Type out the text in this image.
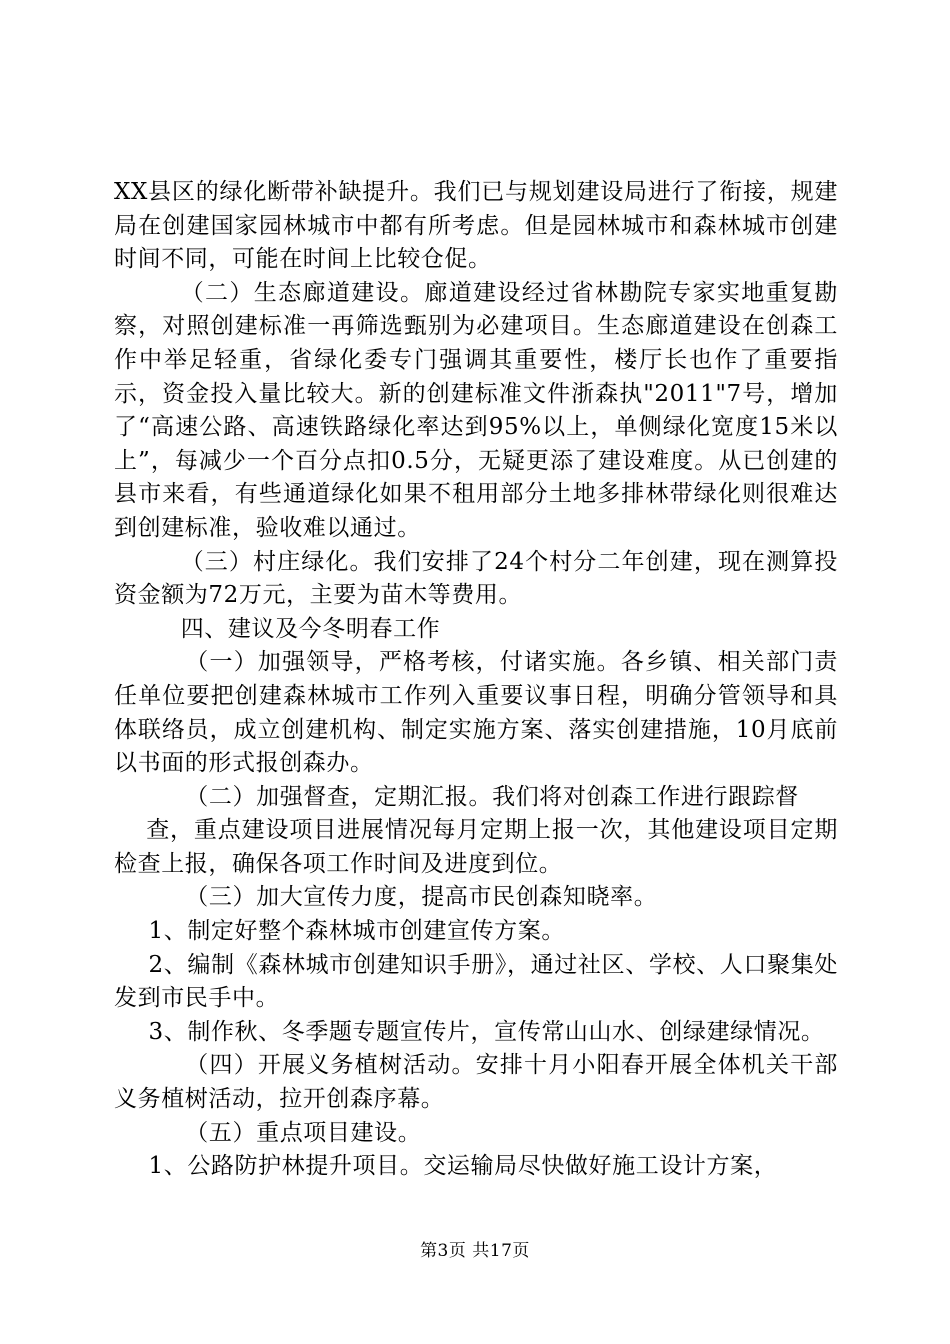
XX县区的绿化断带补缺提升。我们已与规划建设局进行了衔接，规建局在创建国家园林城市中都有所考虑。但是园林城市和森林城市创建时间不同，可能在时间上比较仓促。

（二）生态廊道建设。廊道建设经过省林勘院专家实地重复勘察，对照创建标准一再筛选甄别为必建项目。生态廊道建设在创森工作中举足轻重，省绿化委专门强调其重要性，楼厅长也作了重要指示，资金投入量比较大。新的创建标准文件浙森执"2011"7号，增加了“高速公路、高速铁路绿化率达到95%以上，单侧绿化宽度15米以上”，每减少一个百分点扣0.5分，无疑更添了建设难度。从已创建的县市来看，有些通道绿化如果不租用部分土地多排林带绿化则很难达到创建标准，验收难以通过。

（三）村庄绿化。我们安排了24个村分二年创建，现在测算投资金额为72万元，主要为苗木等费用。

四、建议及今冬明春工作

（一）加强领导，严格考核，付诸实施。各乡镇、相关部门责任单位要把创建森林城市工作列入重要议事日程，明确分管领导和具体联络员，成立创建机构、制定实施方案、落实创建措施，10月底前以书面的形式报创森办。

（二）加强督查，定期汇报。我们将对创森工作进行跟踪督

查，重点建设项目进展情况每月定期上报一次，其他建设项目定期检查上报，确保各项工作时间及进度到位。

（三）加大宣传力度，提高市民创森知晓率。

1、制定好整个森林城市创建宣传方案。

2、编制《森林城市创建知识手册》，通过社区、学校、人口聚集处发到市民手中。

3、制作秋、冬季题专题宣传片，宣传常山山水、创绿建绿情况。

（四）开展义务植树活动。安排十月小阳春开展全体机关干部义务植树活动，拉开创森序幕。

（五）重点项目建设。

1、公路防护林提升项目。交运输局尽快做好施工设计方案，

第3页 共17页
